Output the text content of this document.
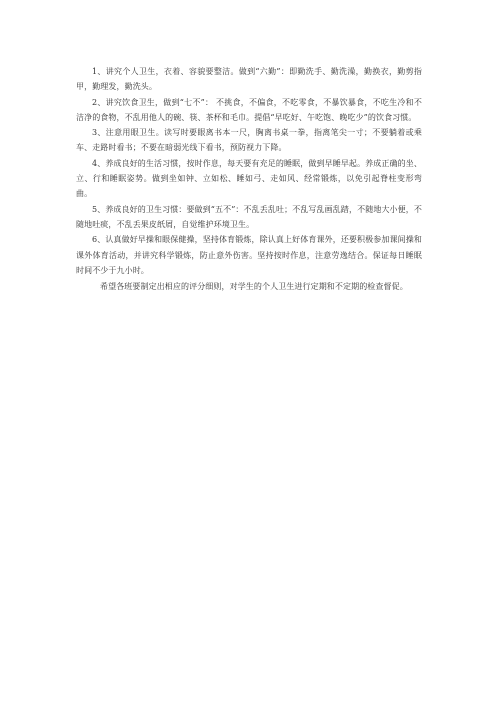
1、讲究个人卫生，衣着、容貌要整洁。做到“六勤”：即勤洗手、勤洗澡，勤换衣，勤剪指甲，勤理发，勤洗头。

2、讲究饮食卫生，做到“七不”： 不挑食，不偏食，不吃零食，不暴饮暴食，不吃生冷和不洁净的食物，不乱用他人的碗、筷、茶杯和毛巾。提倡“早吃好、午吃饱、晚吃少”的饮食习惯。

3、注意用眼卫生。读写时要眼离书本一尺，胸离书桌一拳，指离笔尖一寸；不要躺着或乘车、走路时看书；不要在暗弱光线下看书，预防视力下降。

4、养成良好的生活习惯，按时作息，每天要有充足的睡眠，做到早睡早起。养成正确的坐、立、行和睡眠姿势。做到坐如钟、立如松、睡如弓、走如风、经常锻炼，以免引起脊柱变形弯曲。

5、养成良好的卫生习惯：要做到“五不”：不乱丢乱吐；不乱写乱画乱踏，不随地大小便，不随地吐痰，不乱丢果皮纸屑，自觉维护环境卫生。

6、认真做好早操和眼保健操，坚持体育锻炼，除认真上好体育课外，还要积极参加课间操和课外体育活动，并讲究科学锻炼，防止意外伤害。坚持按时作息，注意劳逸结合。保证每日睡眠时间不少于九小时。

希望各班要制定出相应的评分细则，对学生的个人卫生进行定期和不定期的检查督促。
